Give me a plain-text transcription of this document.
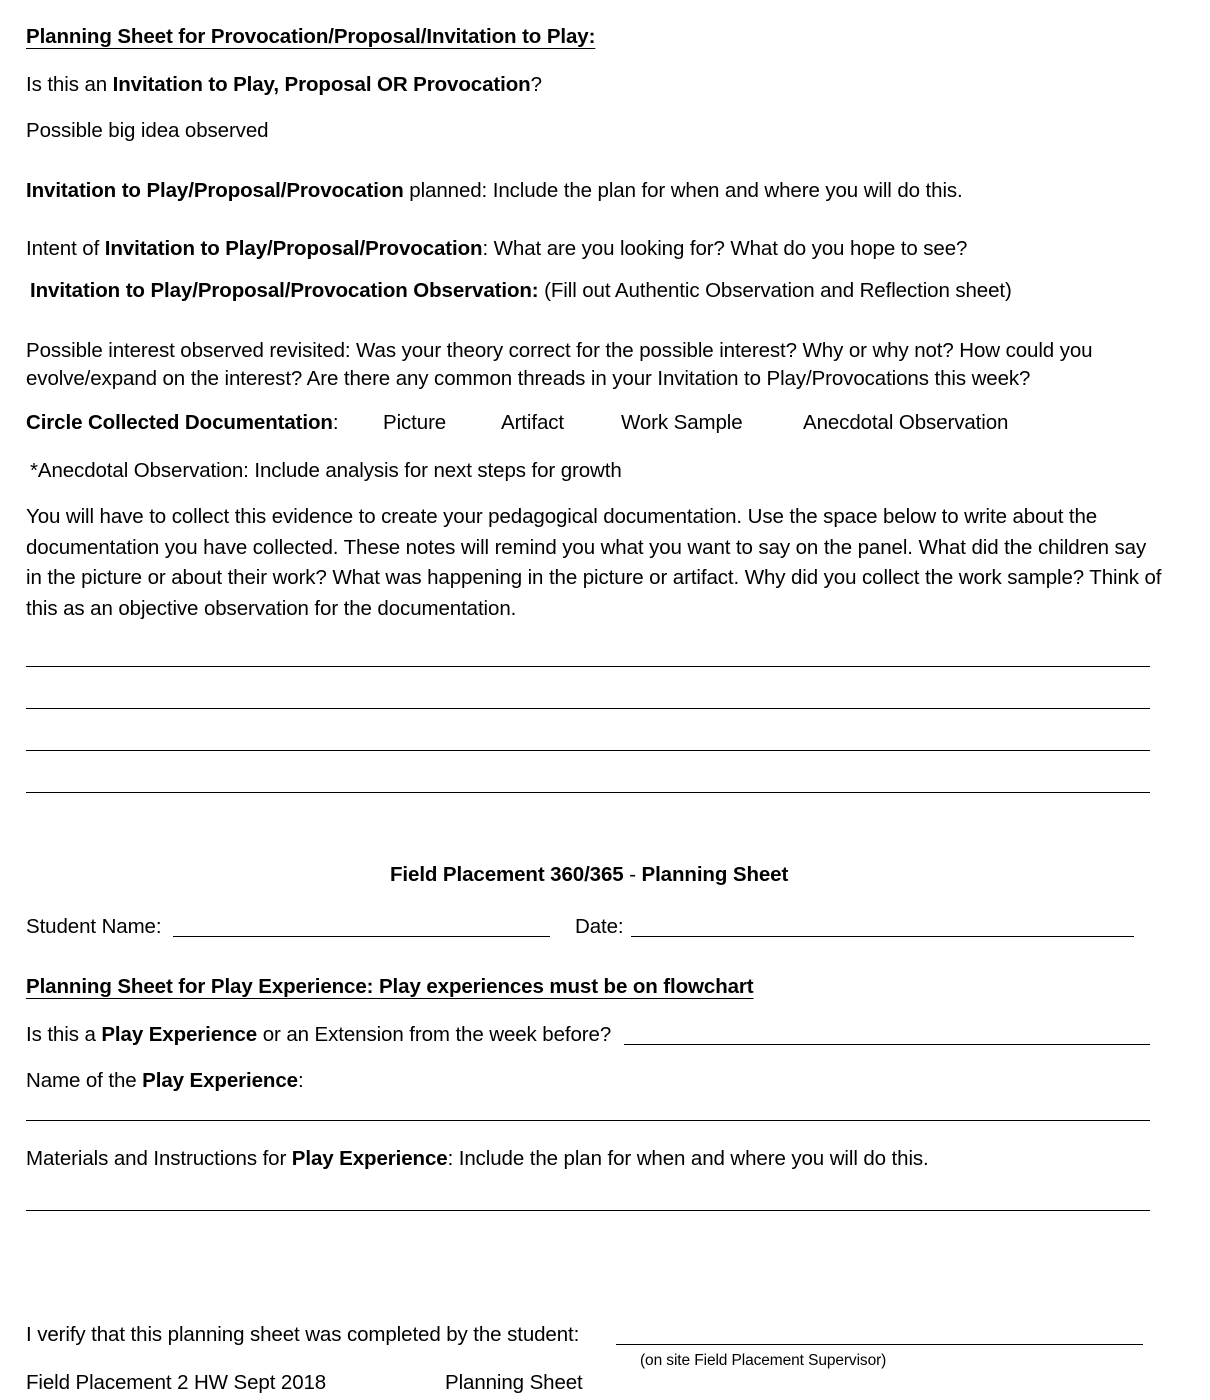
Planning Sheet for Provocation/Proposal/Invitation to Play:
Is this an Invitation to Play, Proposal OR Provocation?
Possible big idea observed
Invitation to Play/Proposal/Provocation planned: Include the plan for when and where you will do this.
Intent of Invitation to Play/Proposal/Provocation: What are you looking for? What do you hope to see?
Invitation to Play/Proposal/Provocation Observation: (Fill out Authentic Observation and Reflection sheet)
Possible interest observed revisited: Was your theory correct for the possible interest? Why or why not? How could you
evolve/expand on the interest? Are there any common threads in your Invitation to Play/Provocations this week?
Circle Collected Documentation: Picture	Artifact	Work Sample	Anecdotal Observation
*Anecdotal Observation: Include analysis for next steps for growth
You will have to collect this evidence to create your pedagogical documentation. Use the space below to write about the documentation you have collected. These notes will remind you what you want to say on the panel. What did the children say in the picture or about their work? What was happening in the picture or artifact. Why did you collect the work sample? Think of this as an objective observation for the documentation.
Field Placement 360/365 - Planning Sheet
Student Name:	Date:
Planning Sheet for Play Experience: Play experiences must be on flowchart
Is this a Play Experience or an Extension from the week before?
Name of the Play Experience:
Materials and Instructions for Play Experience: Include the plan for when and where you will do this.
I verify that this planning sheet was completed by the student:
(on site Field Placement Supervisor)
Field Placement 2 HW Sept 2018	Planning Sheet
